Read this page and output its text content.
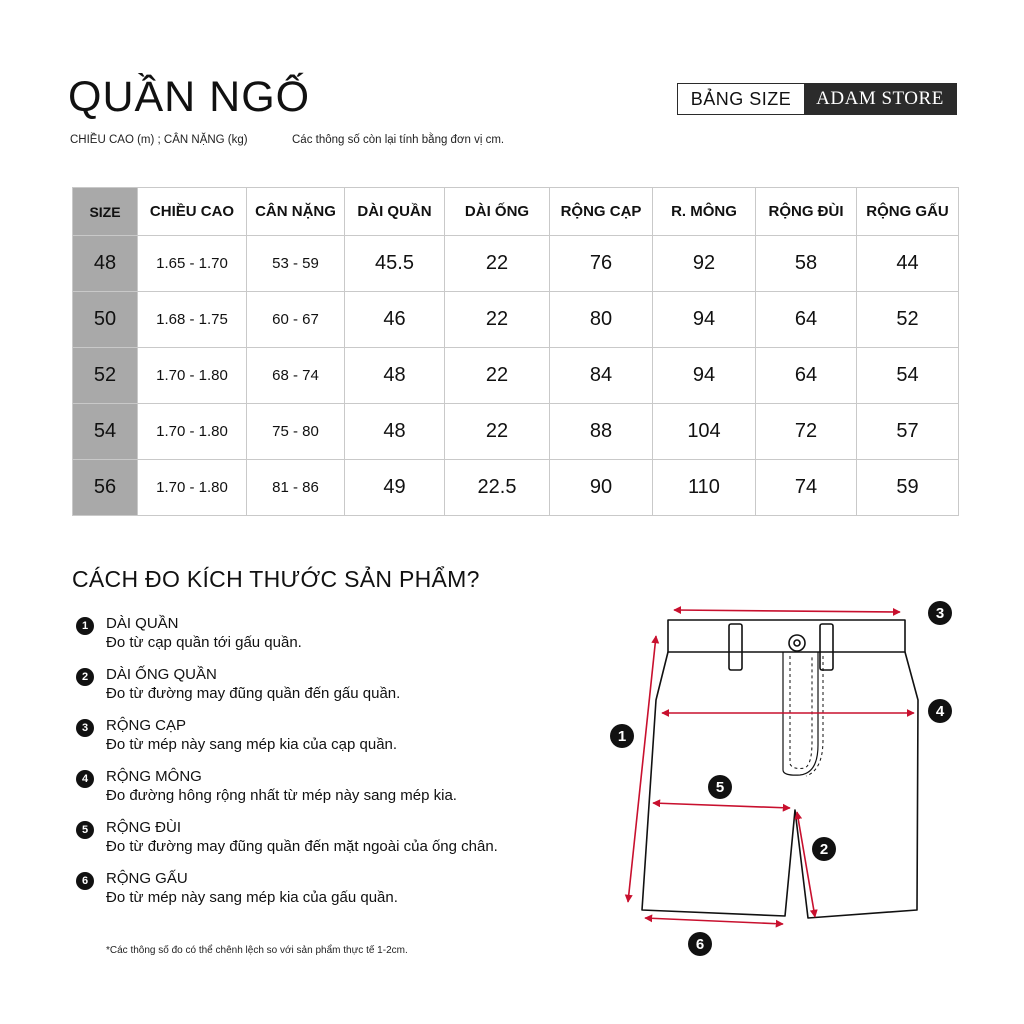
QUẦN NGỐ
CHIỀU CAO (m) ; CÂN NẶNG (kg)	Các thông số còn lại tính bằng đơn vị cm.
BẢNG SIZE	ADAM STORE
SIZE	CHIỀU CAO	CÂN NẶNG	DÀI QUẦN	DÀI ỐNG	RỘNG CẠP	R. MÔNG	RỘNG ĐÙI	RỘNG GẤU
48	1.65 - 1.70	53 - 59	45.5	22	76	92	58	44
50	1.68 - 1.75	60 - 67	46	22	80	94	64	52
52	1.70 - 1.80	68 - 74	48	22	84	94	64	54
54	1.70 - 1.80	75 - 80	48	22	88	104	72	57
56	1.70 - 1.80	81 - 86	49	22.5	90	110	74	59
CÁCH ĐO KÍCH THƯỚC SẢN PHẨM?
1	DÀI QUẦN
Đo từ cạp quần tới gấu quần.
2	DÀI ỐNG QUẦN
Đo từ đường may đũng quần đến gấu quần.
3	RỘNG CẠP
Đo từ mép này sang mép kia của cạp quần.
4	RỘNG MÔNG
Đo đường hông rộng nhất từ mép này sang mép kia.
5	RỘNG ĐÙI
Đo từ đường may đũng quần đến mặt ngoài của ống chân.
6	RỘNG GẤU
Đo từ mép này sang mép kia của gấu quần.
*Các thông số đo có thể chênh lệch so với sản phẩm thực tế 1-2cm.
1
2
3
4
5
6
